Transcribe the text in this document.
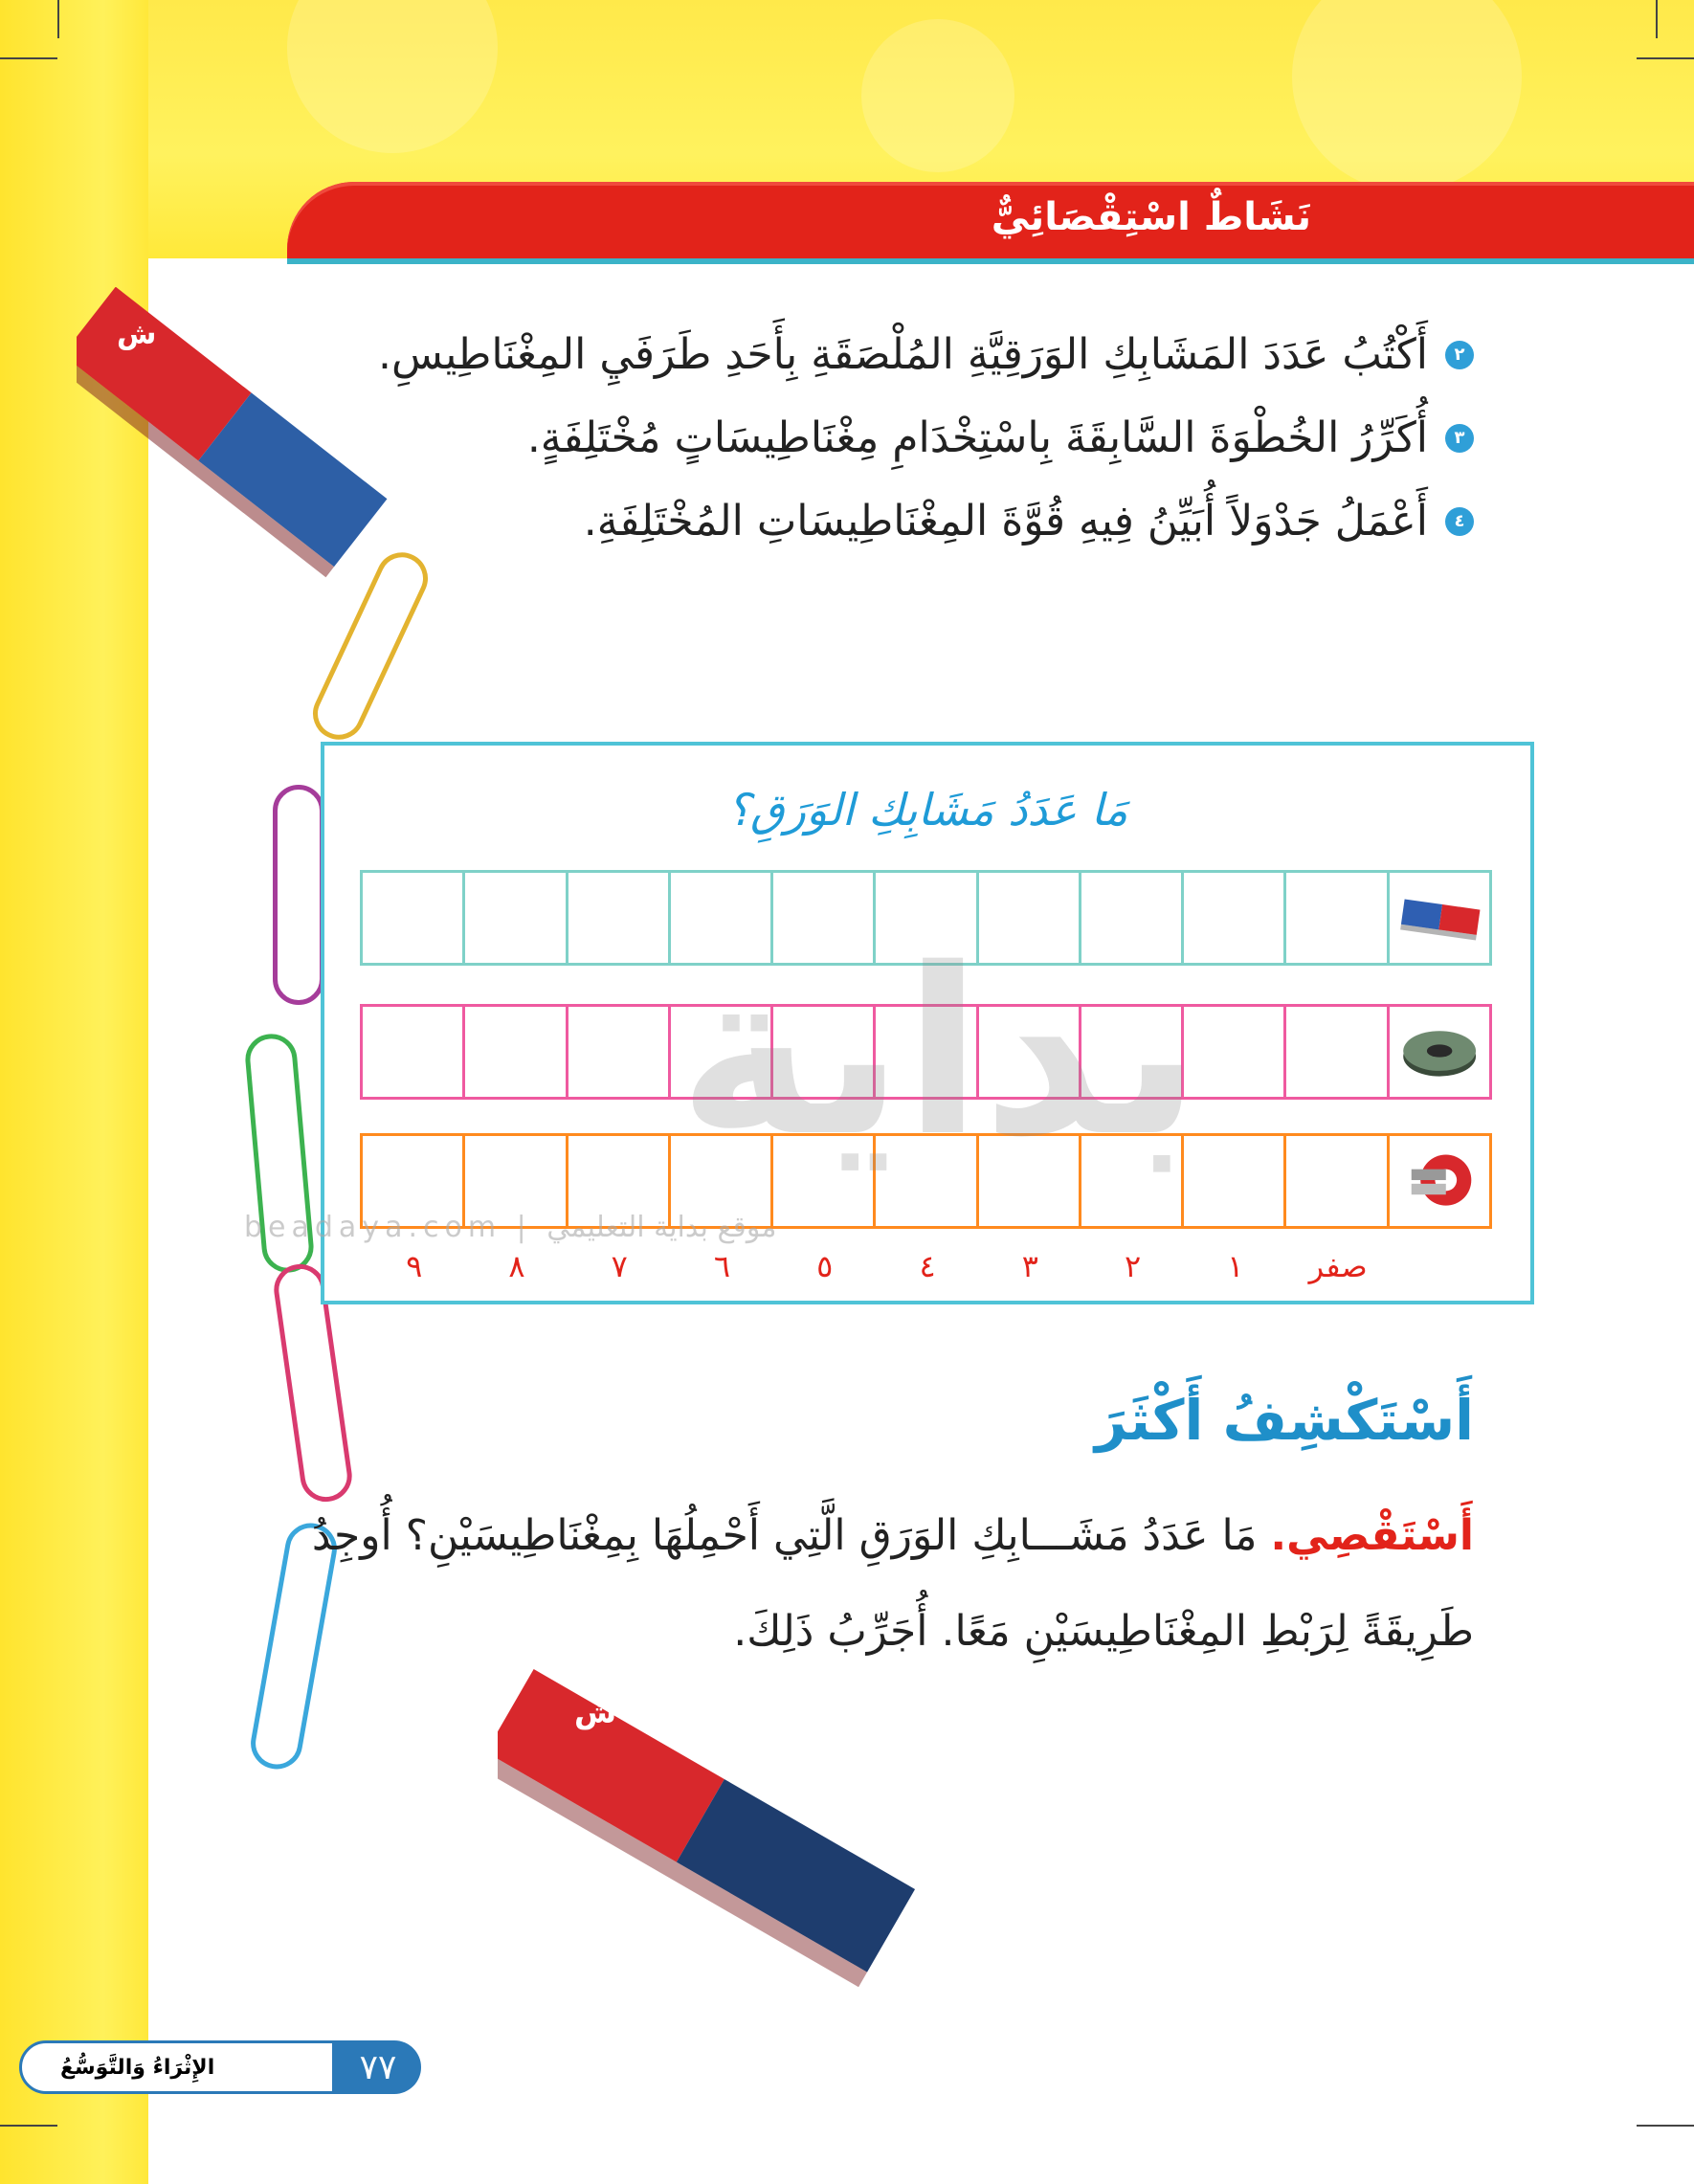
نَشَاطٌ اسْتِقْصَائِيٌّ
ش
ج
٢
أَكْتُبُ عَدَدَ المَشَابِكِ الوَرَقِيَّةِ المُلْصَقَةِ بِأَحَدِ طَرَفَيِ المِغْنَاطِيسِ.
٣
أُكَرِّرُ الخُطْوَةَ السَّابِقَةَ بِاسْتِخْدَامِ مِغْنَاطِيسَاتٍ مُخْتَلِفَةٍ.
٤
أَعْمَلُ جَدْوَلاً أُبَيِّنُ فِيهِ قُوَّةَ المِغْنَاطِيسَاتِ المُخْتَلِفَةِ.
مَا عَدَدُ مَشَابِكِ الوَرَقِ؟
صفر
١
٢
٣
٤
٥
٦
٧
٨
٩
بداية
beadaya.com | موقع بداية التعليمي
أَسْتَكْشِفُ أَكْثَرَ
أَسْتَقْصِي. مَا عَدَدُ مَشَـــابِكِ الوَرَقِ الَّتِي أَحْمِلُهَا بِمِغْنَاطِيسَيْنِ؟ أُوجِدُ طَرِيقَةً لِرَبْطِ المِغْنَاطِيسَيْنِ مَعًا. أُجَرِّبُ ذَلِكَ.
ش
ج
الإِثْرَاءُ وَالتَّوَسُّعُ	٧٧
